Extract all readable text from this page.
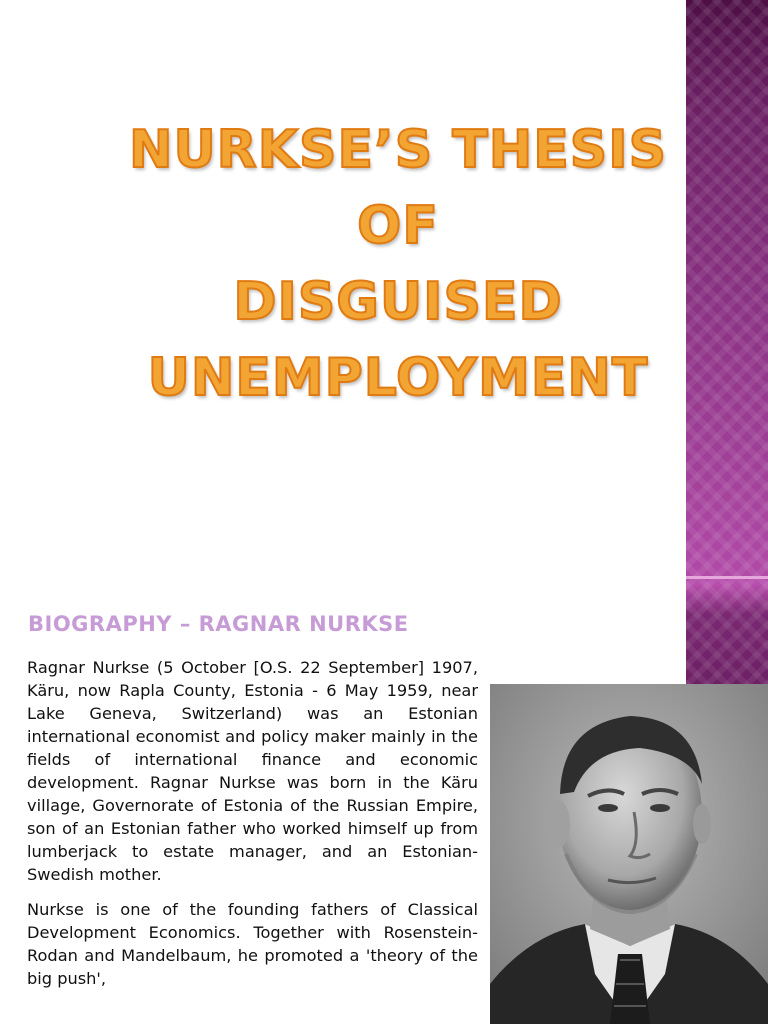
NURKSE’S THESIS OF
DISGUISED
UNEMPLOYMENT
BIOGRAPHY – RAGNAR NURKSE

Ragnar Nurkse (5 October [O.S. 22 September] 1907, Käru, now Rapla County, Estonia - 6 May 1959, near Lake Geneva, Switzerland) was an Estonian international economist and policy maker mainly in the fields of international finance and economic development. Ragnar Nurkse was born in the Käru village, Governorate of Estonia of the Russian Empire, son of an Estonian father who worked himself up from lumberjack to estate manager, and an Estonian-Swedish mother.

Nurkse is one of the founding fathers of Classical Development Economics. Together with Rosenstein-Rodan and Mandelbaum, he promoted a 'theory of the big push',
